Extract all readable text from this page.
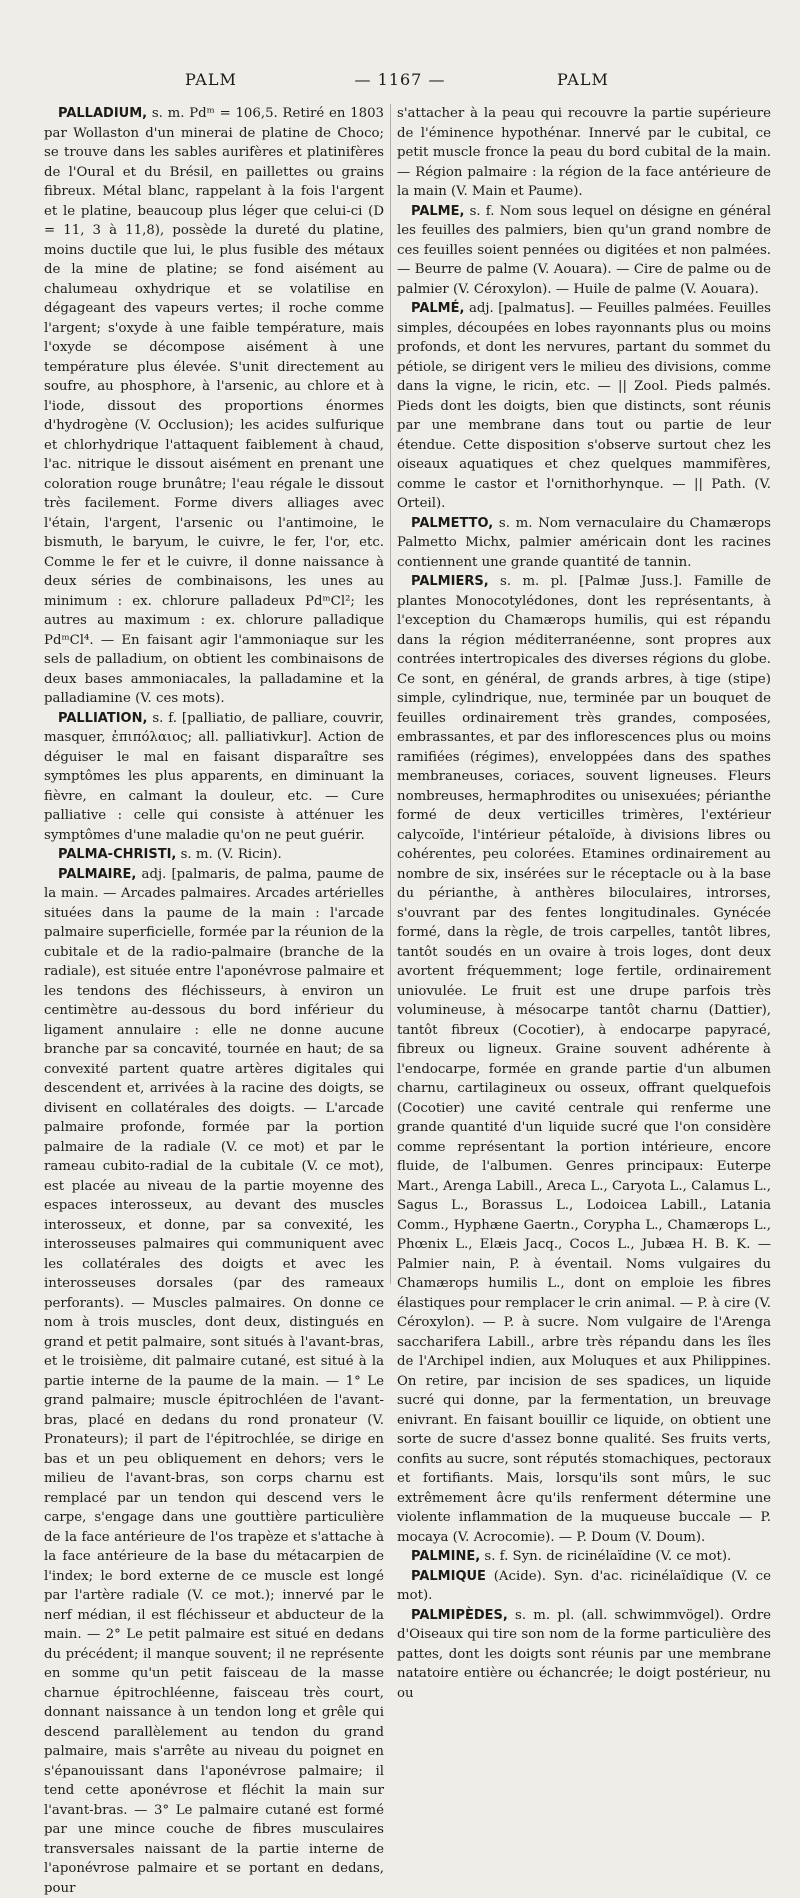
PALM	— 1167 —	PALM

PALLADIUM, s. m. Pdᵐ = 106,5. Retiré en 1803 par Wollaston d'un minerai de platine de Choco; se trouve dans les sables aurifères et platinifères de l'Oural et du Brésil, en paillettes ou grains fibreux. Métal blanc, rappelant à la fois l'argent et le platine, beaucoup plus léger que celui-ci (D = 11, 3 à 11,8), possède la dureté du platine, moins ductile que lui, le plus fusible des métaux de la mine de platine; se fond aisément au chalumeau oxhydrique et se volatilise en dégageant des vapeurs vertes; il roche comme l'argent; s'oxyde à une faible température, mais l'oxyde se décompose aisément à une température plus élevée. S'unit directement au soufre, au phosphore, à l'arsenic, au chlore et à l'iode, dissout des proportions énormes d'hydrogène (V. Occlusion); les acides sulfurique et chlorhydrique l'attaquent faiblement à chaud, l'ac. nitrique le dissout aisément en prenant une coloration rouge brunâtre; l'eau régale le dissout très facilement. Forme divers alliages avec l'étain, l'argent, l'arsenic ou l'antimoine, le bismuth, le baryum, le cuivre, le fer, l'or, etc. Comme le fer et le cuivre, il donne naissance à deux séries de combinaisons, les unes au minimum : ex. chlorure palladeux PdᵐCl²; les autres au maximum : ex. chlorure palladique PdᵐCl⁴. — En faisant agir l'ammoniaque sur les sels de palladium, on obtient les combinaisons de deux bases ammoniacales, la palladamine et la palladiamine (V. ces mots).

PALLIATION, s. f. [palliatio, de palliare, couvrir, masquer, ἐπιπόλαιος; all. palliativkur]. Action de déguiser le mal en faisant disparaître ses symptômes les plus apparents, en diminuant la fièvre, en calmant la douleur, etc. — Cure palliative : celle qui consiste à atténuer les symptômes d'une maladie qu'on ne peut guérir.

PALMA-CHRISTI, s. m. (V. Ricin).

PALMAIRE, adj. [palmaris, de palma, paume de la main. — Arcades palmaires. Arcades artérielles situées dans la paume de la main : l'arcade palmaire superficielle, formée par la réunion de la cubitale et de la radio-palmaire (branche de la radiale), est située entre l'aponévrose palmaire et les tendons des fléchisseurs, à environ un centimètre au-dessous du bord inférieur du ligament annulaire : elle ne donne aucune branche par sa concavité, tournée en haut; de sa convexité partent quatre artères digitales qui descendent et, arrivées à la racine des doigts, se divisent en collatérales des doigts. — L'arcade palmaire profonde, formée par la portion palmaire de la radiale (V. ce mot) et par le rameau cubito-radial de la cubitale (V. ce mot), est placée au niveau de la partie moyenne des espaces interosseux, au devant des muscles interosseux, et donne, par sa convexité, les interosseuses palmaires qui communiquent avec les collatérales des doigts et avec les interosseuses dorsales (par des rameaux perforants). — Muscles palmaires. On donne ce nom à trois muscles, dont deux, distingués en grand et petit palmaire, sont situés à l'avant-bras, et le troisième, dit palmaire cutané, est situé à la partie interne de la paume de la main. — 1° Le grand palmaire; muscle épitrochléen de l'avant-bras, placé en dedans du rond pronateur (V. Pronateurs); il part de l'épitrochlée, se dirige en bas et un peu obliquement en dehors; vers le milieu de l'avant-bras, son corps charnu est remplacé par un tendon qui descend vers le carpe, s'engage dans une gouttière particulière de la face antérieure de l'os trapèze et s'attache à la face antérieure de la base du métacarpien de l'index; le bord externe de ce muscle est longé par l'artère radiale (V. ce mot.); innervé par le nerf médian, il est fléchisseur et abducteur de la main. — 2° Le petit palmaire est situé en dedans du précédent; il manque souvent; il ne représente en somme qu'un petit faisceau de la masse charnue épitrochléenne, faisceau très court, donnant naissance à un tendon long et grêle qui descend parallèlement au tendon du grand palmaire, mais s'arrête au niveau du poignet en s'épanouissant dans l'aponévrose palmaire; il tend cette aponévrose et fléchit la main sur l'avant-bras. — 3° Le palmaire cutané est formé par une mince couche de fibres musculaires transversales naissant de la partie interne de l'aponévrose palmaire et se portant en dedans, pour

s'attacher à la peau qui recouvre la partie supérieure de l'éminence hypothénar. Innervé par le cubital, ce petit muscle fronce la peau du bord cubital de la main. — Région palmaire : la région de la face antérieure de la main (V. Main et Paume).

PALME, s. f. Nom sous lequel on désigne en général les feuilles des palmiers, bien qu'un grand nombre de ces feuilles soient pennées ou digitées et non palmées. — Beurre de palme (V. Aouara). — Cire de palme ou de palmier (V. Céroxylon). — Huile de palme (V. Aouara).

PALMÉ, adj. [palmatus]. — Feuilles palmées. Feuilles simples, découpées en lobes rayonnants plus ou moins profonds, et dont les nervures, partant du sommet du pétiole, se dirigent vers le milieu des divisions, comme dans la vigne, le ricin, etc. — || Zool. Pieds palmés. Pieds dont les doigts, bien que distincts, sont réunis par une membrane dans tout ou partie de leur étendue. Cette disposition s'observe surtout chez les oiseaux aquatiques et chez quelques mammifères, comme le castor et l'ornithorhynque. — || Path. (V. Orteil).

PALMETTO, s. m. Nom vernaculaire du Chamærops Palmetto Michx, palmier américain dont les racines contiennent une grande quantité de tannin.

PALMIERS, s. m. pl. [Palmæ Juss.]. Famille de plantes Monocotylédones, dont les représentants, à l'exception du Chamærops humilis, qui est répandu dans la région méditerranéenne, sont propres aux contrées intertropicales des diverses régions du globe. Ce sont, en général, de grands arbres, à tige (stipe) simple, cylindrique, nue, terminée par un bouquet de feuilles ordinairement très grandes, composées, embrassantes, et par des inflorescences plus ou moins ramifiées (régimes), enveloppées dans des spathes membraneuses, coriaces, souvent ligneuses. Fleurs nombreuses, hermaphrodites ou unisexuées; périanthe formé de deux verticilles trimères, l'extérieur calycoïde, l'intérieur pétaloïde, à divisions libres ou cohérentes, peu colorées. Etamines ordinairement au nombre de six, insérées sur le réceptacle ou à la base du périanthe, à anthères biloculaires, introrses, s'ouvrant par des fentes longitudinales. Gynécée formé, dans la règle, de trois carpelles, tantôt libres, tantôt soudés en un ovaire à trois loges, dont deux avortent fréquemment; loge fertile, ordinairement uniovulée. Le fruit est une drupe parfois très volumineuse, à mésocarpe tantôt charnu (Dattier), tantôt fibreux (Cocotier), à endocarpe papyracé, fibreux ou ligneux. Graine souvent adhérente à l'endocarpe, formée en grande partie d'un albumen charnu, cartilagineux ou osseux, offrant quelquefois (Cocotier) une cavité centrale qui renferme une grande quantité d'un liquide sucré que l'on considère comme représentant la portion intérieure, encore fluide, de l'albumen. Genres principaux: Euterpe Mart., Arenga Labill., Areca L., Caryota L., Calamus L., Sagus L., Borassus L., Lodoicea Labill., Latania Comm., Hyphæne Gaertn., Corypha L., Chamærops L., Phœnix L., Elæis Jacq., Cocos L., Jubæa H. B. K. — Palmier nain, P. à éventail. Noms vulgaires du Chamærops humilis L., dont on emploie les fibres élastiques pour remplacer le crin animal. — P. à cire (V. Céroxylon). — P. à sucre. Nom vulgaire de l'Arenga saccharifera Labill., arbre très répandu dans les îles de l'Archipel indien, aux Moluques et aux Philippines. On retire, par incision de ses spadices, un liquide sucré qui donne, par la fermentation, un breuvage enivrant. En faisant bouillir ce liquide, on obtient une sorte de sucre d'assez bonne qualité. Ses fruits verts, confits au sucre, sont réputés stomachiques, pectoraux et fortifiants. Mais, lorsqu'ils sont mûrs, le suc extrêmement âcre qu'ils renferment détermine une violente inflammation de la muqueuse buccale — P. mocaya (V. Acrocomie). — P. Doum (V. Doum).

PALMINE, s. f. Syn. de ricinélaïdine (V. ce mot).

PALMIQUE (Acide). Syn. d'ac. ricinélaïdique (V. ce mot).

PALMIPÈDES, s. m. pl. (all. schwimmvögel). Ordre d'Oiseaux qui tire son nom de la forme particulière des pattes, dont les doigts sont réunis par une membrane natatoire entière ou échancrée; le doigt postérieur, nu ou
